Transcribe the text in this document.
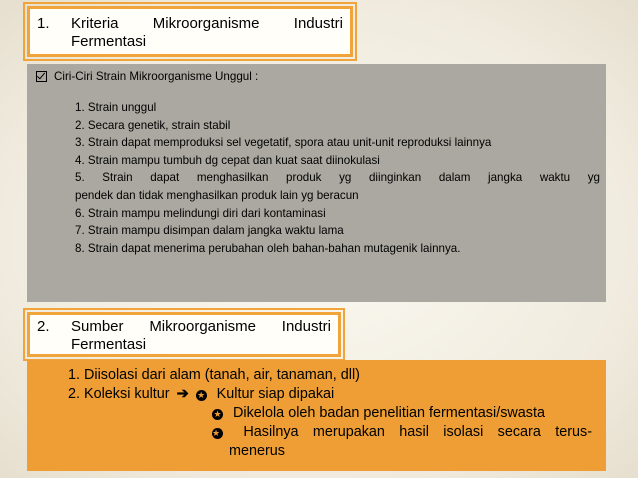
1.	Kriteria Mikroorganisme Industri
Fermentasi
Ciri-Ciri Strain Mikroorganisme Unggul :
1. Strain unggul
2. Secara genetik, strain stabil
3. Strain dapat memproduksi sel vegetatif, spora atau unit-unit reproduksi lainnya
4. Strain mampu tumbuh dg cepat dan kuat saat diinokulasi
5. Strain dapat menghasilkan produk yg diinginkan dalam jangka waktu yg
pendek dan tidak menghasilkan produk lain yg beracun
6. Strain mampu melindungi diri dari kontaminasi
7. Strain mampu disimpan dalam jangka waktu lama
8. Strain dapat menerima perubahan oleh bahan-bahan mutagenik lainnya.
2.	Sumber Mikroorganisme Industri
Fermentasi
1. Diisolasi dari alam (tanah, air, tanaman, dll)
2. Koleksi kultur ➔ ★ Kultur siap dipakai
★ Dikelola oleh badan penelitian fermentasi/swasta
★ Hasilnya merupakan hasil isolasi secara terus-
menerus
